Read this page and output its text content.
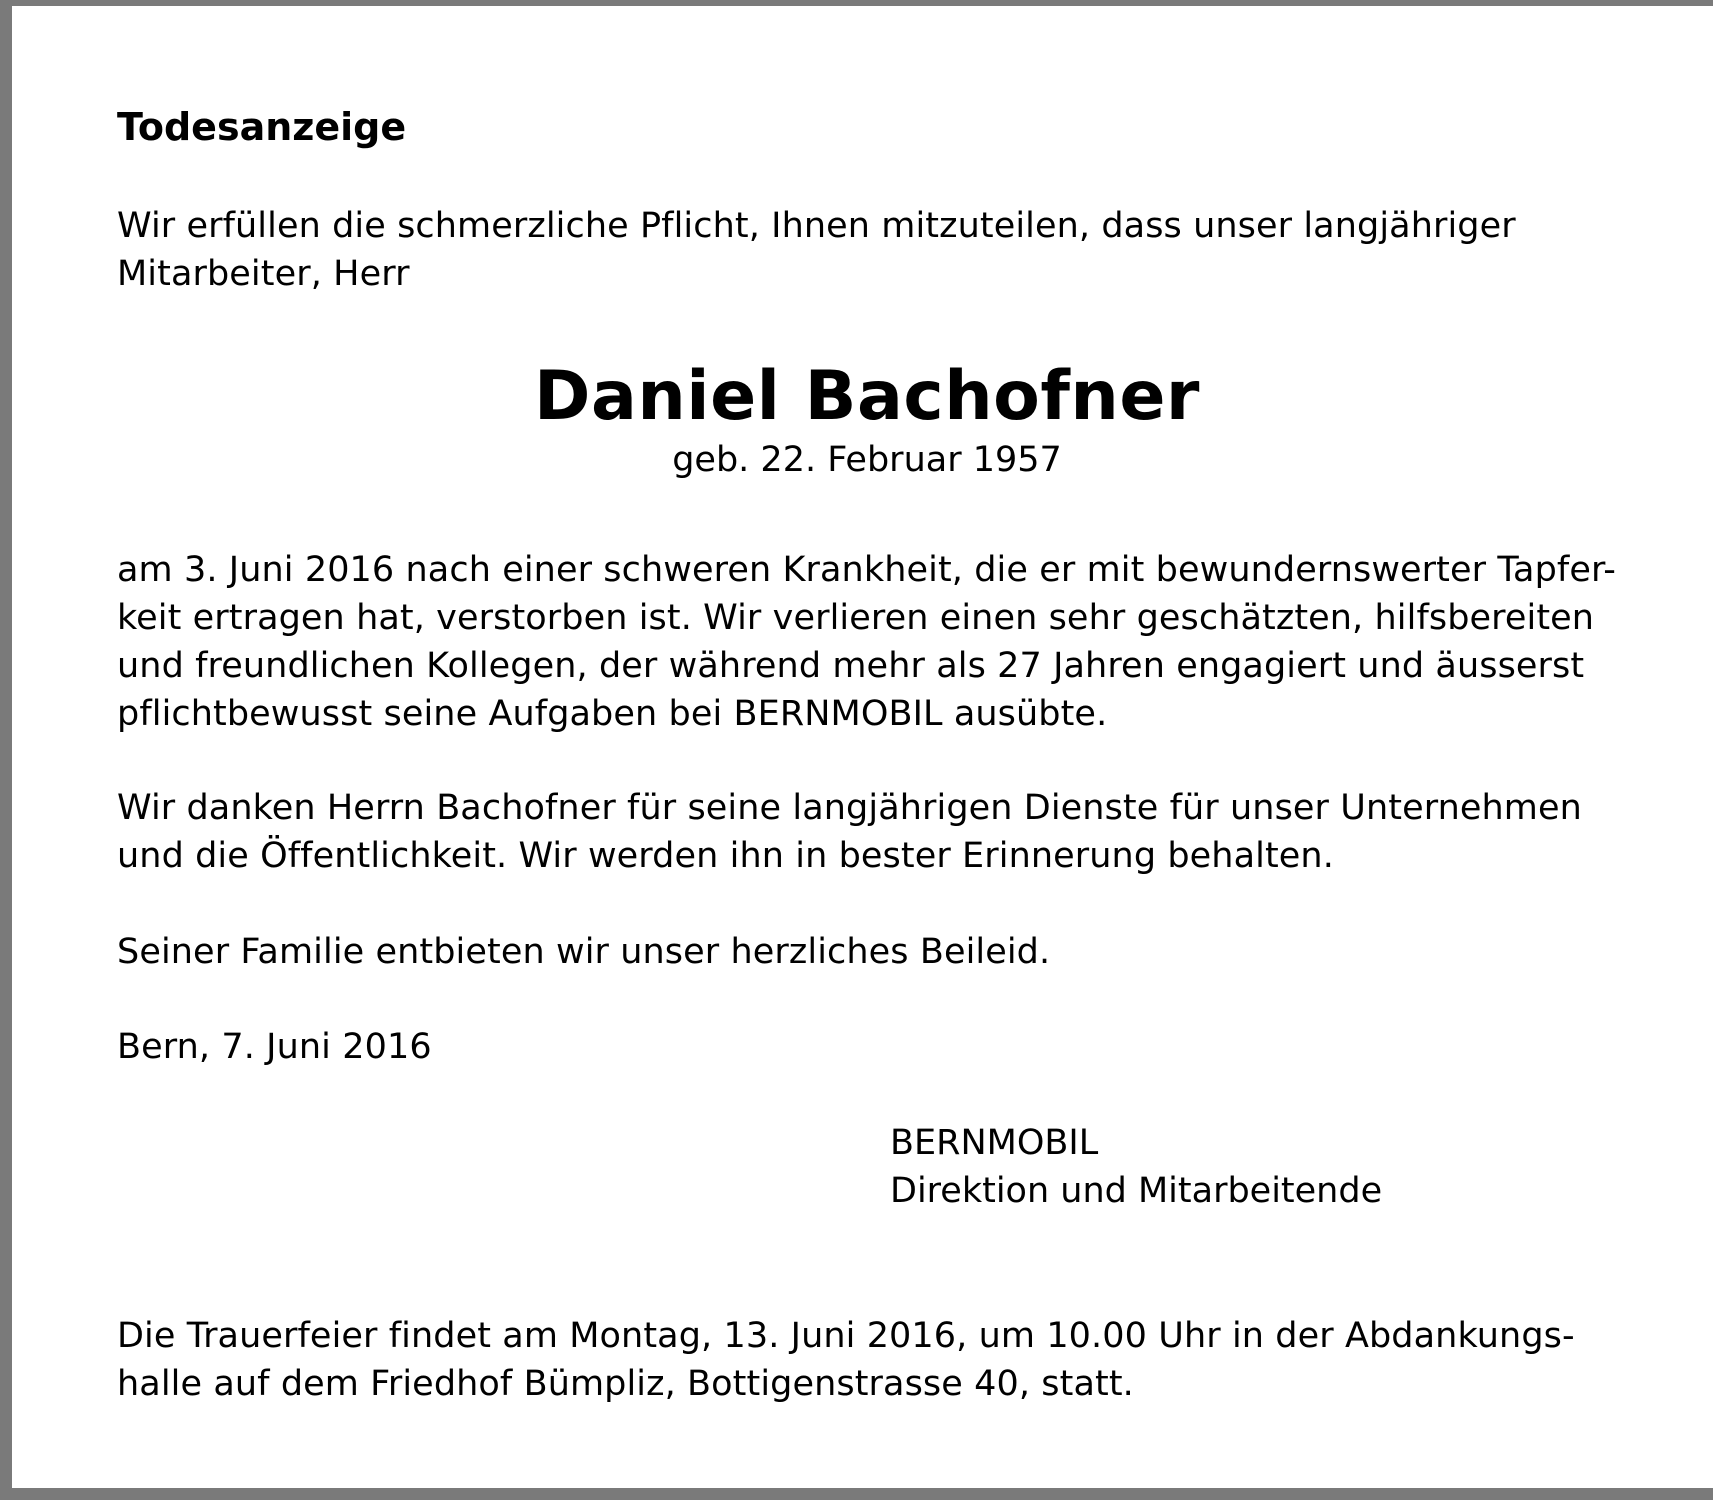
Todesanzeige
Wir erfüllen die schmerzliche Pflicht, Ihnen mitzuteilen, dass unser langjähriger
Mitarbeiter, Herr
Daniel Bachofner
geb. 22. Februar 1957
am 3. Juni 2016 nach einer schweren Krankheit, die er mit bewundernswerter Tapfer-
keit ertragen hat, verstorben ist. Wir verlieren einen sehr geschätzten, hilfsbereiten
und freundlichen Kollegen, der während mehr als 27 Jahren engagiert und äusserst
pflichtbewusst seine Aufgaben bei BERNMOBIL ausübte.
Wir danken Herrn Bachofner für seine langjährigen Dienste für unser Unternehmen
und die Öffentlichkeit. Wir werden ihn in bester Erinnerung behalten.
Seiner Familie entbieten wir unser herzliches Beileid.
Bern, 7. Juni 2016
BERNMOBIL
Direktion und Mitarbeitende
Die Trauerfeier findet am Montag, 13. Juni 2016, um 10.00 Uhr in der Abdankungs-
halle auf dem Friedhof Bümpliz, Bottigenstrasse 40, statt.
